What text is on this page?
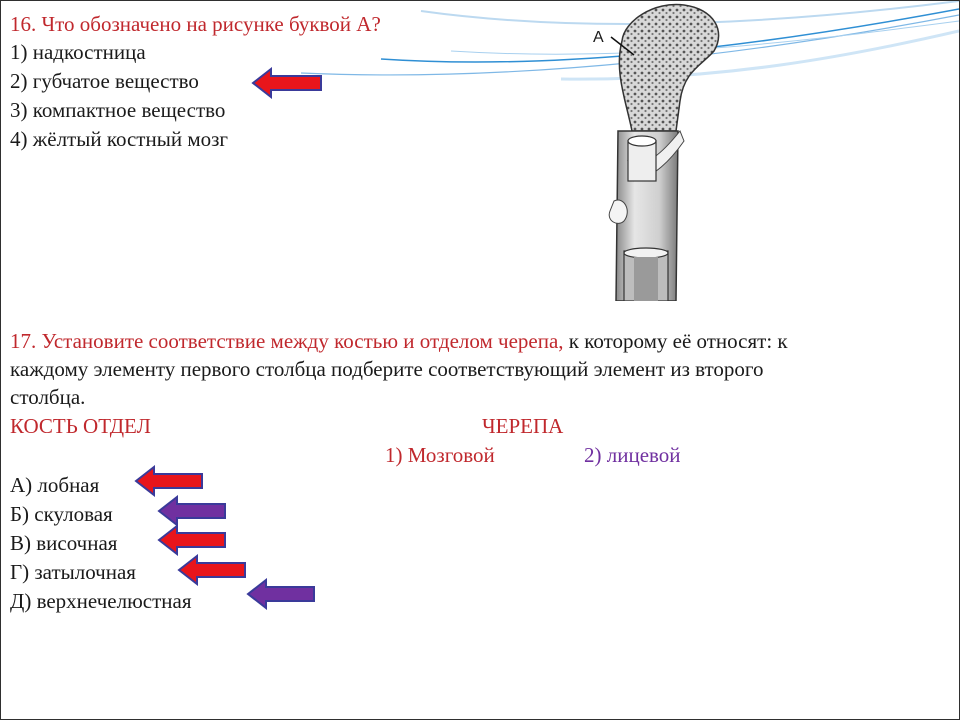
16. Что обозначено на рисунке буквой А?
1) надкостница
2) губчатое вещество
3) компактное вещество
4) жёлтый костный мозг
А
17. Установите соответствие между костью и отделом черепа, к которому её относят: к
каждому элементу первого столбца подберите соответствующий элемент из второго
столбца.
КОСТЬ ОТДЕЛ	ЧЕРЕПА
1) Мозговой	2) лицевой
А) лобная
Б) скуловая
В) височная
Г) затылочная
Д) верхнечелюстная
